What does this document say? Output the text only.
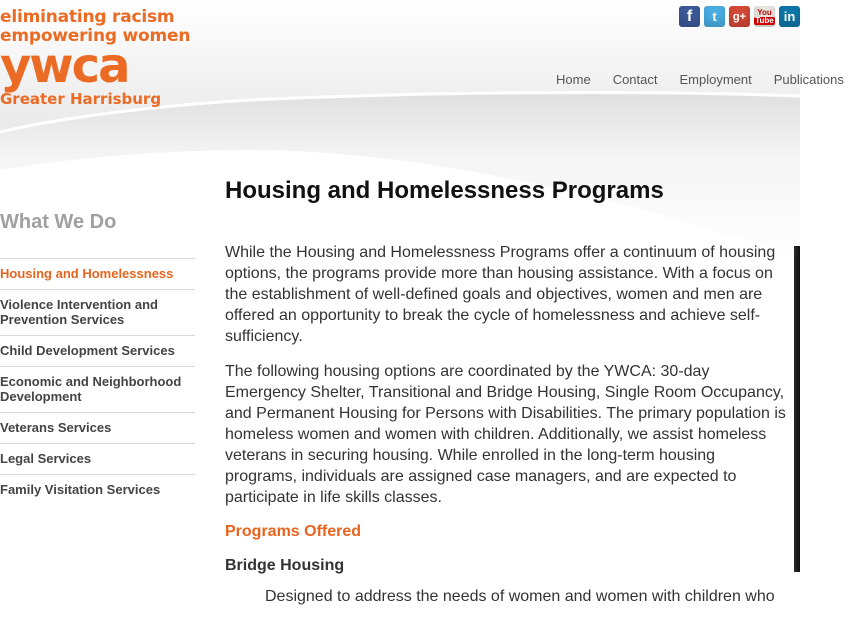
eliminating racism
empowering women
ywca
Greater Harrisburg
f	t	g+	You
Tube in
Home Contact Employment Publications
What We Do
Housing and Homelessness
Violence Intervention and Prevention Services
Child Development Services
Economic and Neighborhood Development
Veterans Services
Legal Services
Family Visitation Services
Housing and Homelessness Programs

While the Housing and Homelessness Programs offer a continuum of housing options, the programs provide more than housing assistance. With a focus on the establishment of well-defined goals and objectives, women and men are offered an opportunity to break the cycle of homelessness and achieve self-sufficiency.

The following housing options are coordinated by the YWCA: 30-day Emergency Shelter, Transitional and Bridge Housing, Single Room Occupancy, and Permanent Housing for Persons with Disabilities. The primary population is homeless women and women with children. Additionally, we assist homeless veterans in securing housing. While enrolled in the long-term housing programs, individuals are assigned case managers, and are expected to participate in life skills classes.

Programs Offered
Bridge Housing

Designed to address the needs of women and women with children who
